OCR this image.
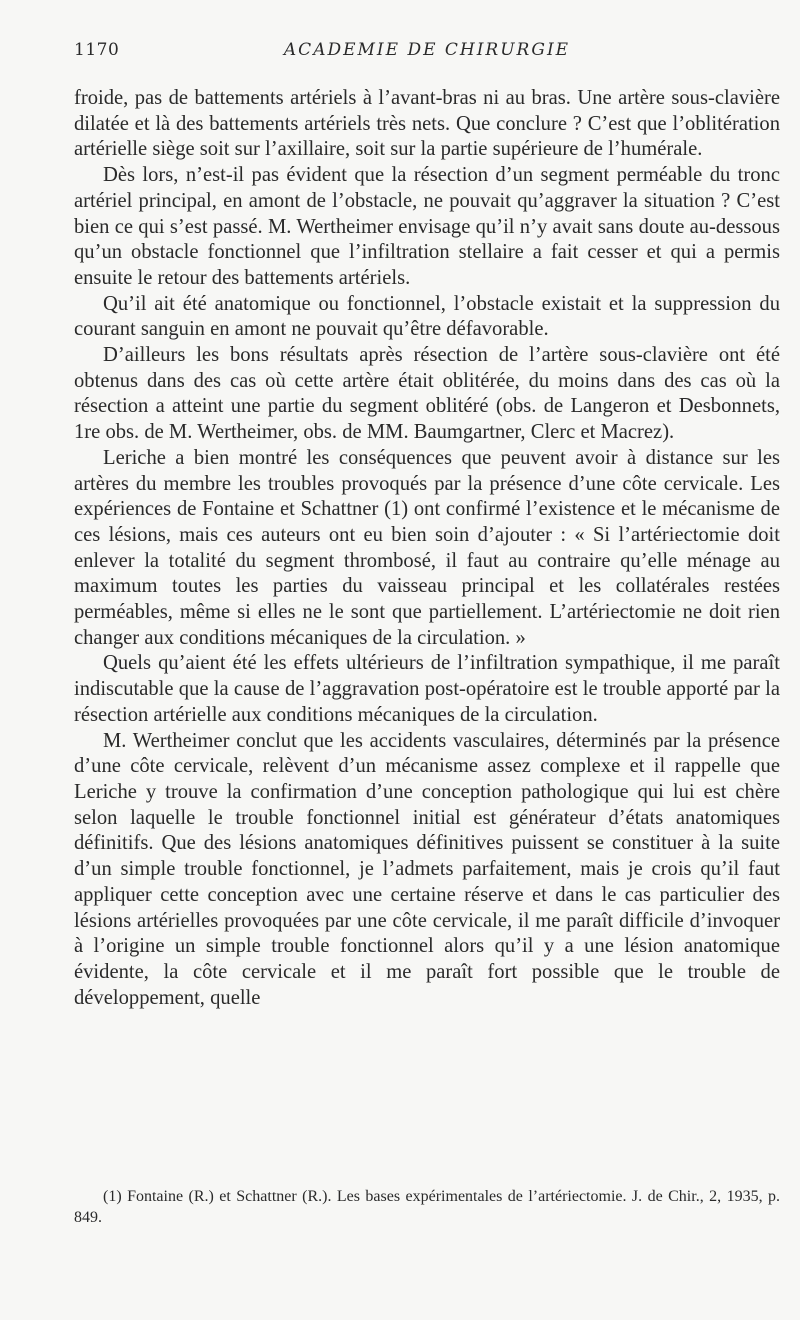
1170	ACADEMIE DE CHIRURGIE

froide, pas de battements artériels à l’avant-bras ni au bras. Une artère sous-clavière dilatée et là des battements artériels très nets. Que conclure ? C’est que l’oblitération artérielle siège soit sur l’axillaire, soit sur la partie supérieure de l’humérale.

Dès lors, n’est-il pas évident que la résection d’un segment perméable du tronc artériel principal, en amont de l’obstacle, ne pouvait qu’aggraver la situation ? C’est bien ce qui s’est passé. M. Wertheimer envisage qu’il n’y avait sans doute au-dessous qu’un obstacle fonctionnel que l’infiltration stellaire a fait cesser et qui a permis ensuite le retour des battements artériels.

Qu’il ait été anatomique ou fonctionnel, l’obstacle existait et la suppression du courant sanguin en amont ne pouvait qu’être défavorable.

D’ailleurs les bons résultats après résection de l’artère sous-clavière ont été obtenus dans des cas où cette artère était oblitérée, du moins dans des cas où la résection a atteint une partie du segment oblitéré (obs. de Langeron et Desbonnets, 1re obs. de M. Wertheimer, obs. de MM. Baumgartner, Clerc et Macrez).

Leriche a bien montré les conséquences que peuvent avoir à distance sur les artères du membre les troubles provoqués par la présence d’une côte cervicale. Les expériences de Fontaine et Schattner (1) ont confirmé l’existence et le mécanisme de ces lésions, mais ces auteurs ont eu bien soin d’ajouter : « Si l’artériectomie doit enlever la totalité du segment thrombosé, il faut au contraire qu’elle ménage au maximum toutes les parties du vaisseau principal et les collatérales restées perméables, même si elles ne le sont que partiellement. L’artériectomie ne doit rien changer aux conditions mécaniques de la circulation. »

Quels qu’aient été les effets ultérieurs de l’infiltration sympathique, il me paraît indiscutable que la cause de l’aggravation post-opératoire est le trouble apporté par la résection artérielle aux conditions mécaniques de la circulation.

M. Wertheimer conclut que les accidents vasculaires, déterminés par la présence d’une côte cervicale, relèvent d’un mécanisme assez complexe et il rappelle que Leriche y trouve la confirmation d’une conception pathologique qui lui est chère selon laquelle le trouble fonctionnel initial est générateur d’états anatomiques définitifs. Que des lésions anatomiques définitives puissent se constituer à la suite d’un simple trouble fonctionnel, je l’admets parfaitement, mais je crois qu’il faut appliquer cette conception avec une certaine réserve et dans le cas particulier des lésions artérielles provoquées par une côte cervicale, il me paraît difficile d’invoquer à l’origine un simple trouble fonctionnel alors qu’il y a une lésion anatomique évidente, la côte cervicale et il me paraît fort possible que le trouble de développement, quelle

(1) Fontaine (R.) et Schattner (R.). Les bases expérimentales de l’artériectomie. J. de Chir., 2, 1935, p. 849.
